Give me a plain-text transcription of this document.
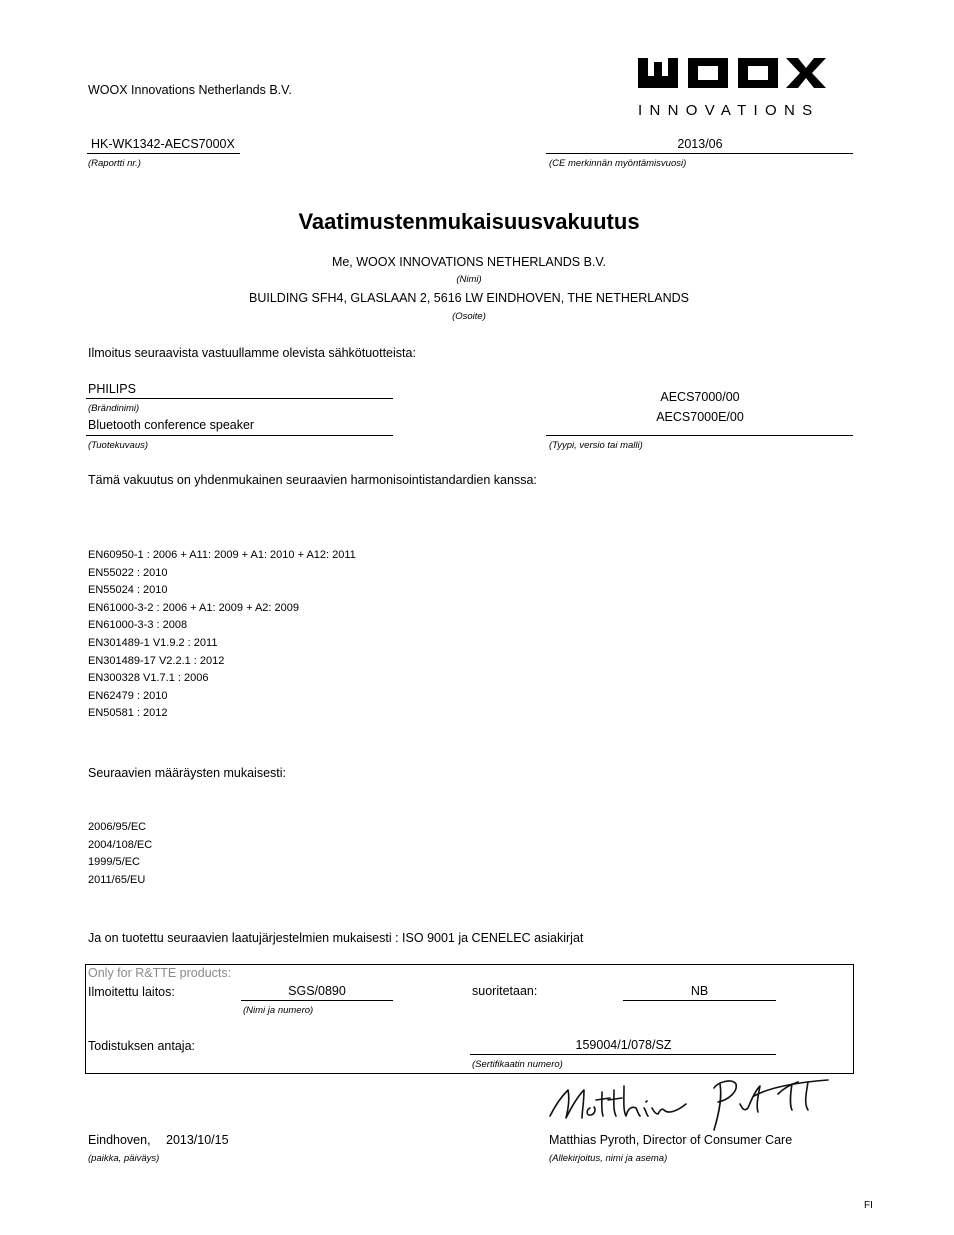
WOOX Innovations Netherlands B.V.
INNOVATIONS
HK-WK1342-AECS7000X
(Raportti nr.)
2013/06
(CE merkinnän myöntämisvuosi)
Vaatimustenmukaisuusvakuutus
Me, WOOX INNOVATIONS NETHERLANDS B.V.
(Nimi)
BUILDING SFH4, GLASLAAN 2, 5616 LW EINDHOVEN, THE NETHERLANDS
(Osoite)
Ilmoitus seuraavista vastuullamme olevista sähkötuotteista:
PHILIPS
(Brändinimi)
Bluetooth conference speaker
(Tuotekuvaus)
AECS7000/00
AECS7000E/00
(Tyypi, versio tai malli)
Tämä vakuutus on yhdenmukainen seuraavien harmonisointistandardien kanssa:
EN60950-1 : 2006 + A11: 2009 + A1: 2010 + A12: 2011
EN55022 : 2010
EN55024 : 2010
EN61000-3-2 : 2006 + A1: 2009 + A2: 2009
EN61000-3-3 : 2008
EN301489-1 V1.9.2 : 2011
EN301489-17 V2.2.1 : 2012
EN300328 V1.7.1 : 2006
EN62479 : 2010
EN50581 : 2012
Seuraavien määräysten mukaisesti:
2006/95/EC
2004/108/EC
1999/5/EC
2011/65/EU
Ja on tuotettu seuraavien laatujärjestelmien mukaisesti : ISO 9001 ja CENELEC asiakirjat
Only for R&TTE products:
Ilmoitettu laitos:	SGS/0890
(Nimi ja numero)
suoritetaan:	NB
Todistuksen antaja:	159004/1/078/SZ
(Sertifikaatin numero)
Eindhoven, 2013/10/15
(paikka, päiväys)
Matthias Pyroth, Director of Consumer Care
(Allekirjoitus, nimi ja asema)
FI
